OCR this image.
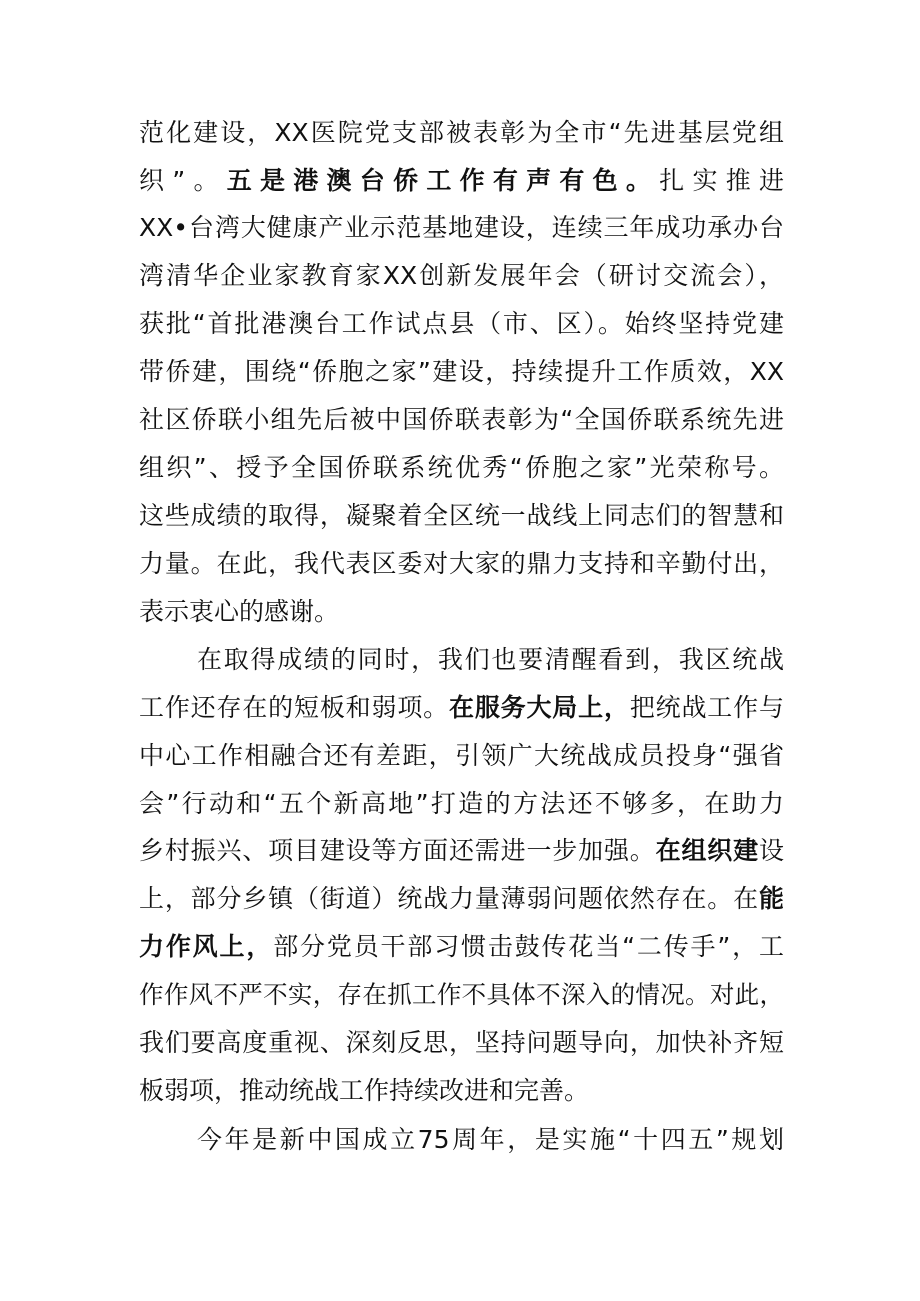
范化建设，XX医院党支部被表彰为全市“先进基层党组
织”。五是港澳台侨工作有声有色。扎实推进
XX•台湾大健康产业示范基地建设，连续三年成功承办台
湾清华企业家教育家XX创新发展年会（研讨交流会），
获批“首批港澳台工作试点县（市、区）。始终坚持党建
带侨建，围绕“侨胞之家”建设，持续提升工作质效，XX
社区侨联小组先后被中国侨联表彰为“全国侨联系统先进
组织”、授予全国侨联系统优秀“侨胞之家”光荣称号。
这些成绩的取得，凝聚着全区统一战线上同志们的智慧和
力量。在此，我代表区委对大家的鼎力支持和辛勤付出，
表示衷心的感谢。
在取得成绩的同时，我们也要清醒看到，我区统战
工作还存在的短板和弱项。在服务大局上，把统战工作与
中心工作相融合还有差距，引领广大统战成员投身“强省
会”行动和“五个新高地”打造的方法还不够多，在助力
乡村振兴、项目建设等方面还需进一步加强。在组织建设
上，部分乡镇（街道）统战力量薄弱问题依然存在。在能
力作风上，部分党员干部习惯击鼓传花当“二传手”，工
作作风不严不实，存在抓工作不具体不深入的情况。对此，
我们要高度重视、深刻反思，坚持问题导向，加快补齐短
板弱项，推动统战工作持续改进和完善。
今年是新中国成立75周年，是实施“十四五”规划
